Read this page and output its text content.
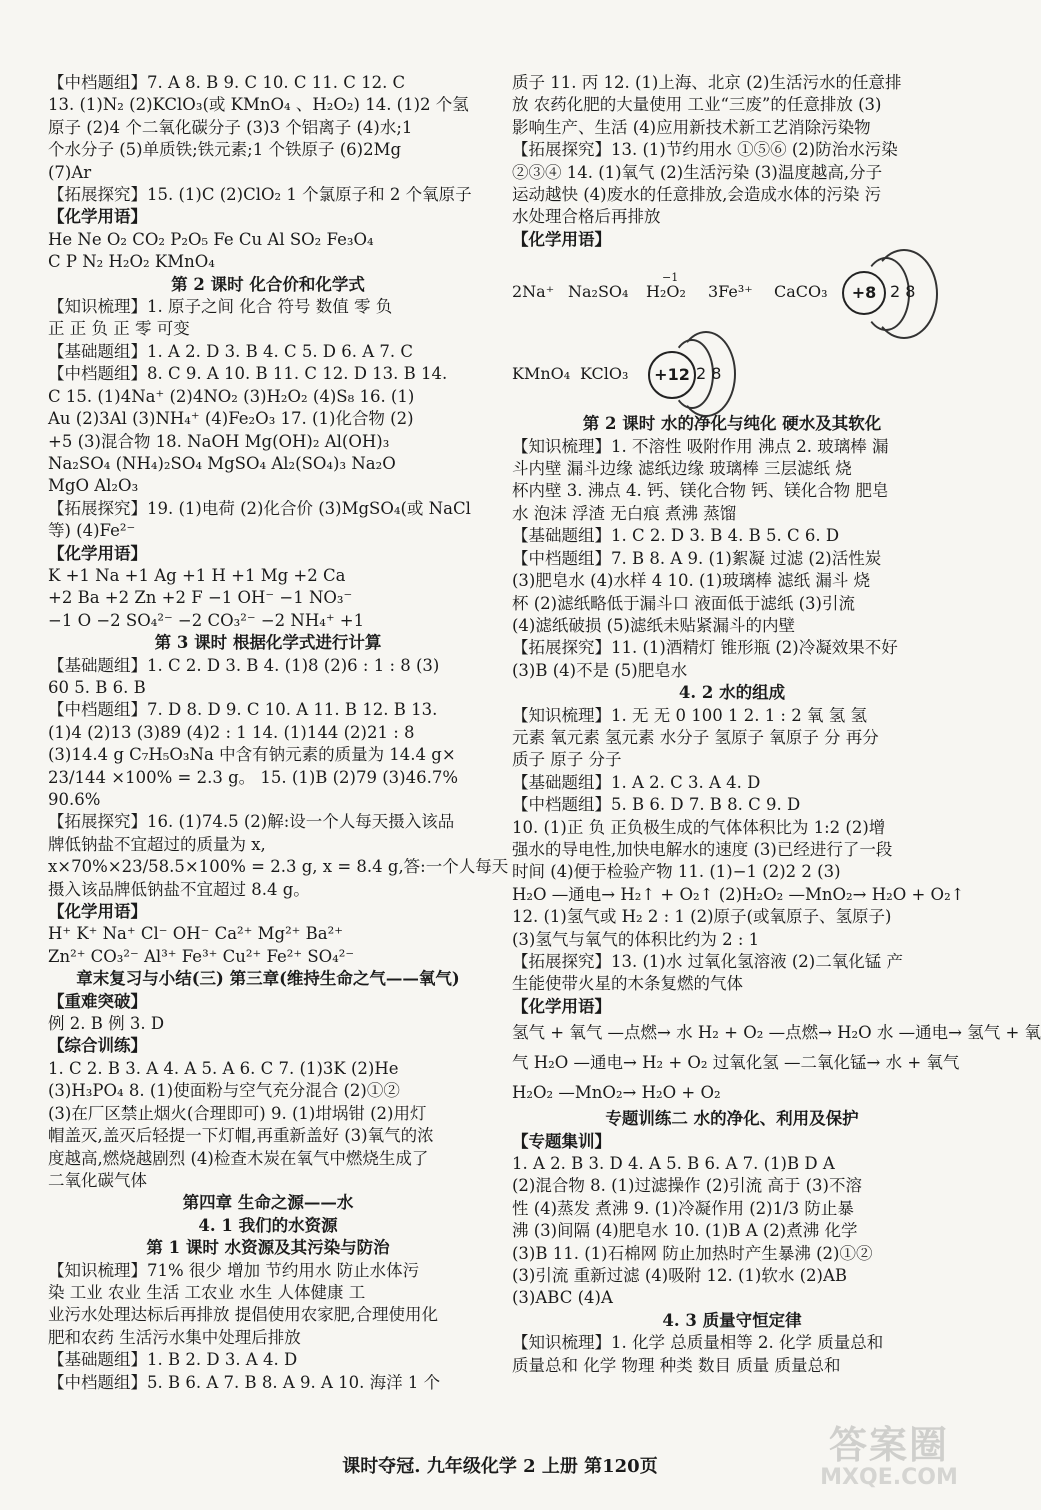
【中档题组】7. A 8. B 9. C 10. C 11. C 12. C
13. (1)N₂ (2)KClO₃(或 KMnO₄ 、H₂O₂) 14. (1)2 个氢
原子 (2)4 个二氧化碳分子 (3)3 个铝离子 (4)水;1
个水分子 (5)单质铁;铁元素;1 个铁原子 (6)2Mg
(7)Ar
【拓展探究】15. (1)C (2)ClO₂ 1 个氯原子和 2 个氧原子
【化学用语】
He Ne O₂ CO₂ P₂O₅ Fe Cu Al SO₂ Fe₃O₄
C P N₂ H₂O₂ KMnO₄
第 2 课时 化合价和化学式
【知识梳理】1. 原子之间 化合 符号 数值 零 负
正 正 负 正 零 可变
【基础题组】1. A 2. D 3. B 4. C 5. D 6. A 7. C
【中档题组】8. C 9. A 10. B 11. C 12. D 13. B 14.
C 15. (1)4Na⁺ (2)4NO₂ (3)H₂O₂ (4)S₈ 16. (1)
Au (2)3Al (3)NH₄⁺ (4)Fe₂O₃ 17. (1)化合物 (2)
+5 (3)混合物 18. NaOH Mg(OH)₂ Al(OH)₃
Na₂SO₄ (NH₄)₂SO₄ MgSO₄ Al₂(SO₄)₃ Na₂O
MgO Al₂O₃
【拓展探究】19. (1)电荷 (2)化合价 (3)MgSO₄(或 NaCl
等) (4)Fe²⁻
【化学用语】
K +1 Na +1 Ag +1 H +1 Mg +2 Ca
+2 Ba +2 Zn +2 F −1 OH⁻ −1 NO₃⁻
−1 O −2 SO₄²⁻ −2 CO₃²⁻ −2 NH₄⁺ +1
第 3 课时 根据化学式进行计算
【基础题组】1. C 2. D 3. B 4. (1)8 (2)6 : 1 : 8 (3)
60 5. B 6. B
【中档题组】7. D 8. D 9. C 10. A 11. B 12. B 13.
(1)4 (2)13 (3)89 (4)2 : 1 14. (1)144 (2)21 : 8
(3)14.4 g C₇H₅O₃Na 中含有钠元素的质量为 14.4 g×
23/144 ×100% = 2.3 g。 15. (1)B (2)79 (3)46.7%
90.6%
【拓展探究】16. (1)74.5 (2)解:设一个人每天摄入该品
牌低钠盐不宜超过的质量为 x,
x×70%×23/58.5×100% = 2.3 g, x = 8.4 g,答:一个人每天
摄入该品牌低钠盐不宜超过 8.4 g。
【化学用语】
H⁺ K⁺ Na⁺ Cl⁻ OH⁻ Ca²⁺ Mg²⁺ Ba²⁺
Zn²⁺ CO₃²⁻ Al³⁺ Fe³⁺ Cu²⁺ Fe²⁺ SO₄²⁻
章末复习与小结(三) 第三章(维持生命之气——氧气)
【重难突破】
例 2. B 例 3. D
【综合训练】
1. C 2. B 3. A 4. A 5. A 6. C 7. (1)3K (2)He
(3)H₃PO₄ 8. (1)使面粉与空气充分混合 (2)①②
(3)在厂区禁止烟火(合理即可) 9. (1)坩埚钳 (2)用灯
帽盖灭,盖灭后轻提一下灯帽,再重新盖好 (3)氧气的浓
度越高,燃烧越剧烈 (4)检查木炭在氧气中燃烧生成了
二氧化碳气体
第四章 生命之源——水
4. 1 我们的水资源
第 1 课时 水资源及其污染与防治
【知识梳理】71% 很少 增加 节约用水 防止水体污
染 工业 农业 生活 工农业 水生 人体健康 工
业污水处理达标后再排放 提倡使用农家肥,合理使用化
肥和农药 生活污水集中处理后排放
【基础题组】1. B 2. D 3. A 4. D
【中档题组】5. B 6. A 7. B 8. A 9. A 10. 海洋 1 个
质子 11. 丙 12. (1)上海、北京 (2)生活污水的任意排
放 农药化肥的大量使用 工业“三废”的任意排放 (3)
影响生产、生活 (4)应用新技术新工艺消除污染物
【拓展探究】13. (1)节约用水 ①⑤⑥ (2)防治水污染
②③④ 14. (1)氧气 (2)生活污染 (3)温度越高,分子
运动越快 (4)废水的任意排放,会造成水体的污染 污
水处理合格后再排放
【化学用语】
2Na⁺ Na₂SO₄ H₂O₂
−1
3Fe³⁺ CaCO₃	+8 2 8
KMnO₄ KClO₃	+12 2 8
第 2 课时 水的净化与纯化 硬水及其软化
【知识梳理】1. 不溶性 吸附作用 沸点 2. 玻璃棒 漏
斗内壁 漏斗边缘 滤纸边缘 玻璃棒 三层滤纸 烧
杯内壁 3. 沸点 4. 钙、镁化合物 钙、镁化合物 肥皂
水 泡沫 浮渣 无白痕 煮沸 蒸馏
【基础题组】1. C 2. D 3. B 4. B 5. C 6. D
【中档题组】7. B 8. A 9. (1)絮凝 过滤 (2)活性炭
(3)肥皂水 (4)水样 4 10. (1)玻璃棒 滤纸 漏斗 烧
杯 (2)滤纸略低于漏斗口 液面低于滤纸 (3)引流
(4)滤纸破损 (5)滤纸未贴紧漏斗的内壁
【拓展探究】11. (1)酒精灯 锥形瓶 (2)冷凝效果不好
(3)B (4)不是 (5)肥皂水
4. 2 水的组成
【知识梳理】1. 无 无 0 100 1 2. 1 : 2 氧 氢 氢
元素 氧元素 氢元素 水分子 氢原子 氧原子 分 再分
质子 原子 分子
【基础题组】1. A 2. C 3. A 4. D
【中档题组】5. B 6. D 7. B 8. C 9. D
10. (1)正 负 正负极生成的气体体积比为 1:2 (2)增
强水的导电性,加快电解水的速度 (3)已经进行了一段
时间 (4)便于检验产物 11. (1)−1 (2)2 2 (3)
H₂O —通电→ H₂↑ + O₂↑ (2)H₂O₂ —MnO₂→ H₂O + O₂↑
12. (1)氢气或 H₂ 2 : 1 (2)原子(或氧原子、氢原子)
(3)氢气与氧气的体积比约为 2 : 1
【拓展探究】13. (1)水 过氧化氢溶液 (2)二氧化锰 产
生能使带火星的木条复燃的气体
【化学用语】
氢气 + 氧气 —点燃→ 水 H₂ + O₂ —点燃→ H₂O 水 —通电→ 氢气 + 氧
气 H₂O —通电→ H₂ + O₂ 过氧化氢 —二氧化锰→ 水 + 氧气
H₂O₂ —MnO₂→ H₂O + O₂
专题训练二 水的净化、利用及保护
【专题集训】
1. A 2. B 3. D 4. A 5. B 6. A 7. (1)B D A
(2)混合物 8. (1)过滤操作 (2)引流 高于 (3)不溶
性 (4)蒸发 煮沸 9. (1)冷凝作用 (2)1/3 防止暴
沸 (3)间隔 (4)肥皂水 10. (1)B A (2)煮沸 化学
(3)B 11. (1)石棉网 防止加热时产生暴沸 (2)①②
(3)引流 重新过滤 (4)吸附 12. (1)软水 (2)AB
(3)ABC (4)A
4. 3 质量守恒定律
【知识梳理】1. 化学 总质量相等 2. 化学 质量总和
质量总和 化学 物理 种类 数目 质量 质量总和
课时夺冠. 九年级化学 2 上册 第120页	答案圈
MXQE.COM
